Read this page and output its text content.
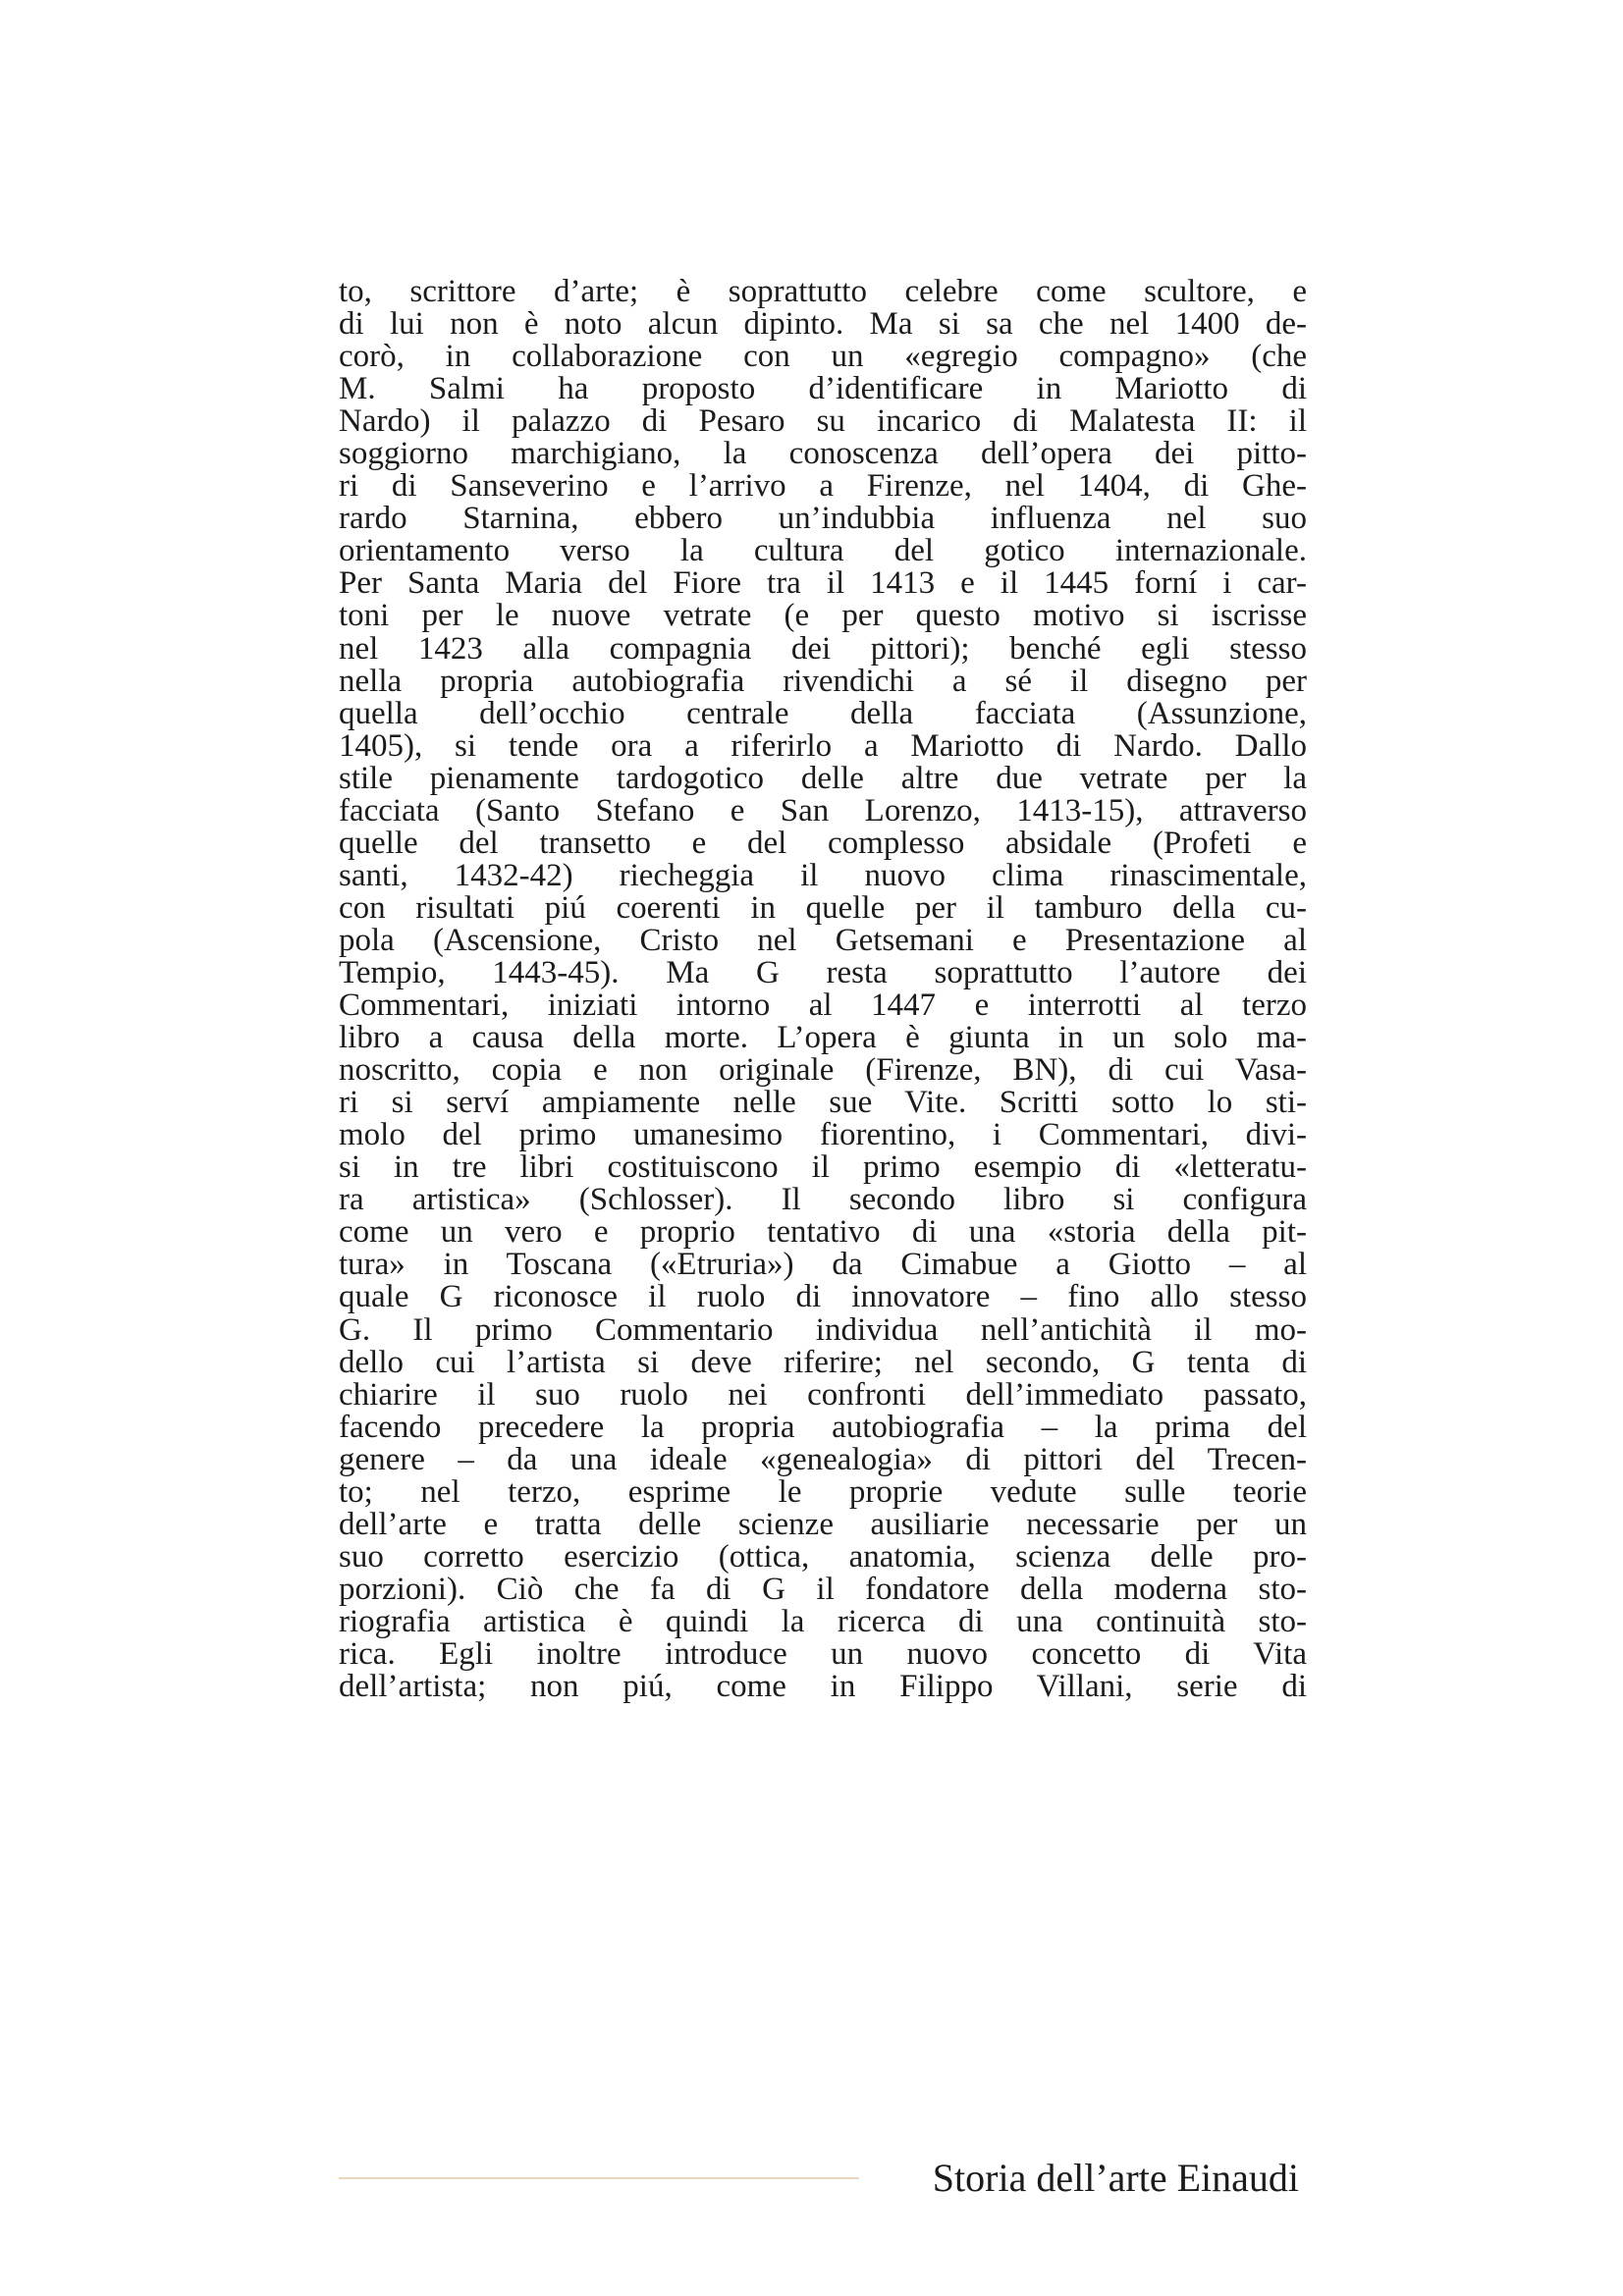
to, scrittore d’arte; è soprattutto celebre come scultore, e
di lui non è noto alcun dipinto. Ma si sa che nel 1400 de-
corò, in collaborazione con un «egregio compagno» (che
M. Salmi ha proposto d’identificare in Mariotto di
Nardo) il palazzo di Pesaro su incarico di Malatesta II: il
soggiorno marchigiano, la conoscenza dell’opera dei pitto-
ri di Sanseverino e l’arrivo a Firenze, nel 1404, di Ghe-
rardo Starnina, ebbero un’indubbia influenza nel suo
orientamento verso la cultura del gotico internazionale.
Per Santa Maria del Fiore tra il 1413 e il 1445 forní i car-
toni per le nuove vetrate (e per questo motivo si iscrisse
nel 1423 alla compagnia dei pittori); benché egli stesso
nella propria autobiografia rivendichi a sé il disegno per
quella dell’occhio centrale della facciata (Assunzione,
1405), si tende ora a riferirlo a Mariotto di Nardo. Dallo
stile pienamente tardogotico delle altre due vetrate per la
facciata (Santo Stefano e San Lorenzo, 1413-15), attraverso
quelle del transetto e del complesso absidale (Profeti e
santi, 1432-42) riecheggia il nuovo clima rinascimentale,
con risultati piú coerenti in quelle per il tamburo della cu-
pola (Ascensione, Cristo nel Getsemani e Presentazione al
Tempio, 1443-45). Ma G resta soprattutto l’autore dei
Commentari, iniziati intorno al 1447 e interrotti al terzo
libro a causa della morte. L’opera è giunta in un solo ma-
noscritto, copia e non originale (Firenze, BN), di cui Vasa-
ri si serví ampiamente nelle sue Vite. Scritti sotto lo sti-
molo del primo umanesimo fiorentino, i Commentari, divi-
si in tre libri costituiscono il primo esempio di «letteratu-
ra artistica» (Schlosser). Il secondo libro si configura
come un vero e proprio tentativo di una «storia della pit-
tura» in Toscana («Etruria») da Cimabue a Giotto – al
quale G riconosce il ruolo di innovatore – fino allo stesso
G. Il primo Commentario individua nell’antichità il mo-
dello cui l’artista si deve riferire; nel secondo, G tenta di
chiarire il suo ruolo nei confronti dell’immediato passato,
facendo precedere la propria autobiografia – la prima del
genere – da una ideale «genealogia» di pittori del Trecen-
to; nel terzo, esprime le proprie vedute sulle teorie
dell’arte e tratta delle scienze ausiliarie necessarie per un
suo corretto esercizio (ottica, anatomia, scienza delle pro-
porzioni). Ciò che fa di G il fondatore della moderna sto-
riografia artistica è quindi la ricerca di una continuità sto-
rica. Egli inoltre introduce un nuovo concetto di Vita
dell’artista; non piú, come in Filippo Villani, serie di
Storia dell’arte Einaudi
